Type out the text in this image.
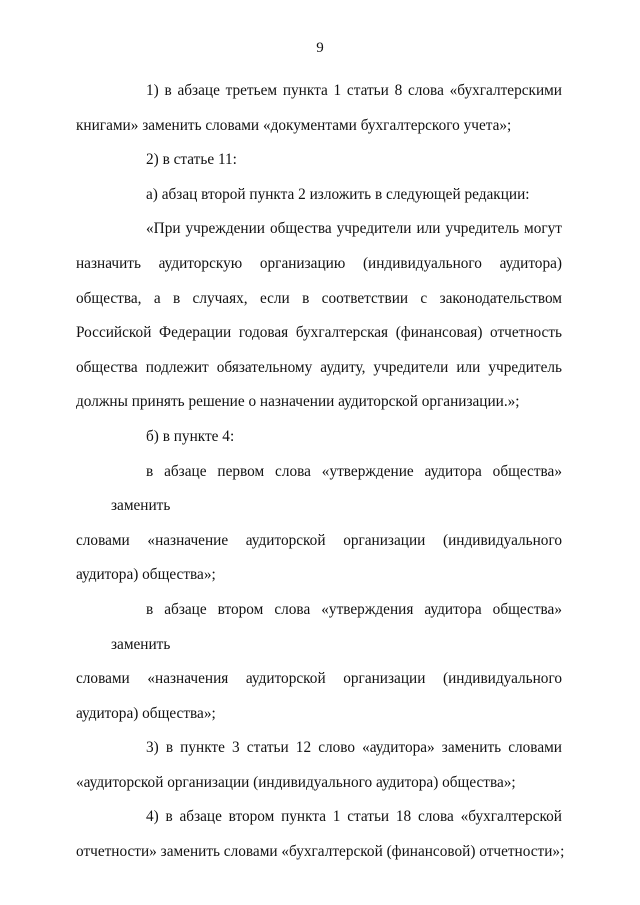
9

1) в абзаце третьем пункта 1 статьи 8 слова «бухгалтерскими
книгами» заменить словами «документами бухгалтерского учета»;

2) в статье 11:

а) абзац второй пункта 2 изложить в следующей редакции:

«При учреждении общества учредители или учредитель могут
назначить аудиторскую организацию (индивидуального аудитора)
общества, а в случаях, если в соответствии с законодательством
Российской Федерации годовая бухгалтерская (финансовая) отчетность
общества подлежит обязательному аудиту, учредители или учредитель
должны принять решение о назначении аудиторской организации.»;

б) в пункте 4:

в абзаце первом слова «утверждение аудитора общества» заменить
словами «назначение аудиторской организации (индивидуального
аудитора) общества»;

в абзаце втором слова «утверждения аудитора общества» заменить
словами «назначения аудиторской организации (индивидуального
аудитора) общества»;

3) в пункте 3 статьи 12 слово «аудитора» заменить словами
«аудиторской организации (индивидуального аудитора) общества»;

4) в абзаце втором пункта 1 статьи 18 слова «бухгалтерской
отчетности» заменить словами «бухгалтерской (финансовой) отчетности»;
